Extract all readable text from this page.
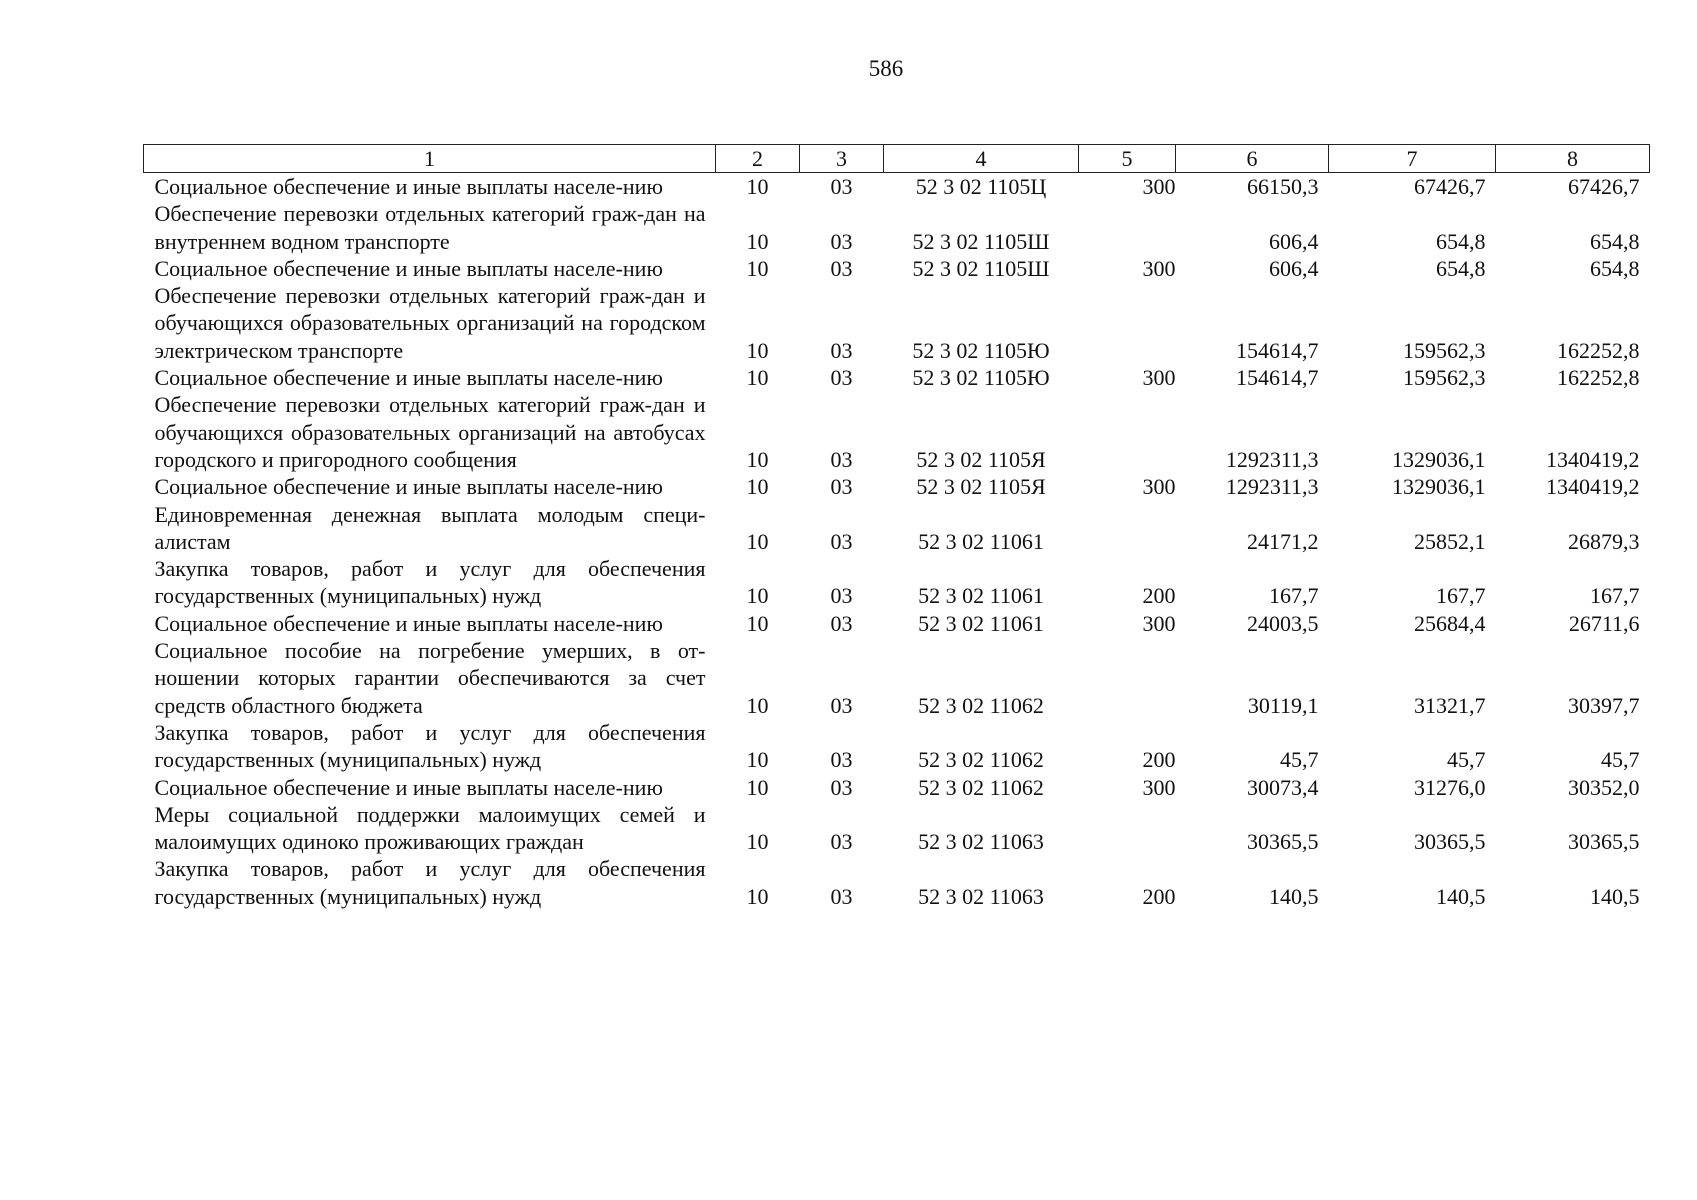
586
1	2	3	4	5	6	7	8
Социальное обеспечение и иные выплаты населе-нию	10	03	52 3 02 1105Ц	300	66150,3	67426,7	67426,7
Обеспечение перевозки отдельных категорий граж-дан на внутреннем водном транспорте	10	03	52 3 02 1105Ш		606,4	654,8	654,8
Социальное обеспечение и иные выплаты населе-нию	10	03	52 3 02 1105Ш	300	606,4	654,8	654,8
Обеспечение перевозки отдельных категорий граж-дан и обучающихся образовательных организаций на городском электрическом транспорте	10	03	52 3 02 1105Ю		154614,7	159562,3	162252,8
Социальное обеспечение и иные выплаты населе-нию	10	03	52 3 02 1105Ю	300	154614,7	159562,3	162252,8
Обеспечение перевозки отдельных категорий граж-дан и обучающихся образовательных организаций на автобусах городского и пригородного сообщения	10	03	52 3 02 1105Я		1292311,3	1329036,1	1340419,2
Социальное обеспечение и иные выплаты населе-нию	10	03	52 3 02 1105Я	300	1292311,3	1329036,1	1340419,2
Единовременная денежная выплата молодым специ-алистам	10	03	52 3 02 11061		24171,2	25852,1	26879,3
Закупка товаров, работ и услуг для обеспечения государственных (муниципальных) нужд	10	03	52 3 02 11061	200	167,7	167,7	167,7
Социальное обеспечение и иные выплаты населе-нию	10	03	52 3 02 11061	300	24003,5	25684,4	26711,6
Социальное пособие на погребение умерших, в от-ношении которых гарантии обеспечиваются за счет средств областного бюджета	10	03	52 3 02 11062		30119,1	31321,7	30397,7
Закупка товаров, работ и услуг для обеспечения государственных (муниципальных) нужд	10	03	52 3 02 11062	200	45,7	45,7	45,7
Социальное обеспечение и иные выплаты населе-нию	10	03	52 3 02 11062	300	30073,4	31276,0	30352,0
Меры социальной поддержки малоимущих семей и малоимущих одиноко проживающих граждан	10	03	52 3 02 11063		30365,5	30365,5	30365,5
Закупка товаров, работ и услуг для обеспечения государственных (муниципальных) нужд	10	03	52 3 02 11063	200	140,5	140,5	140,5
